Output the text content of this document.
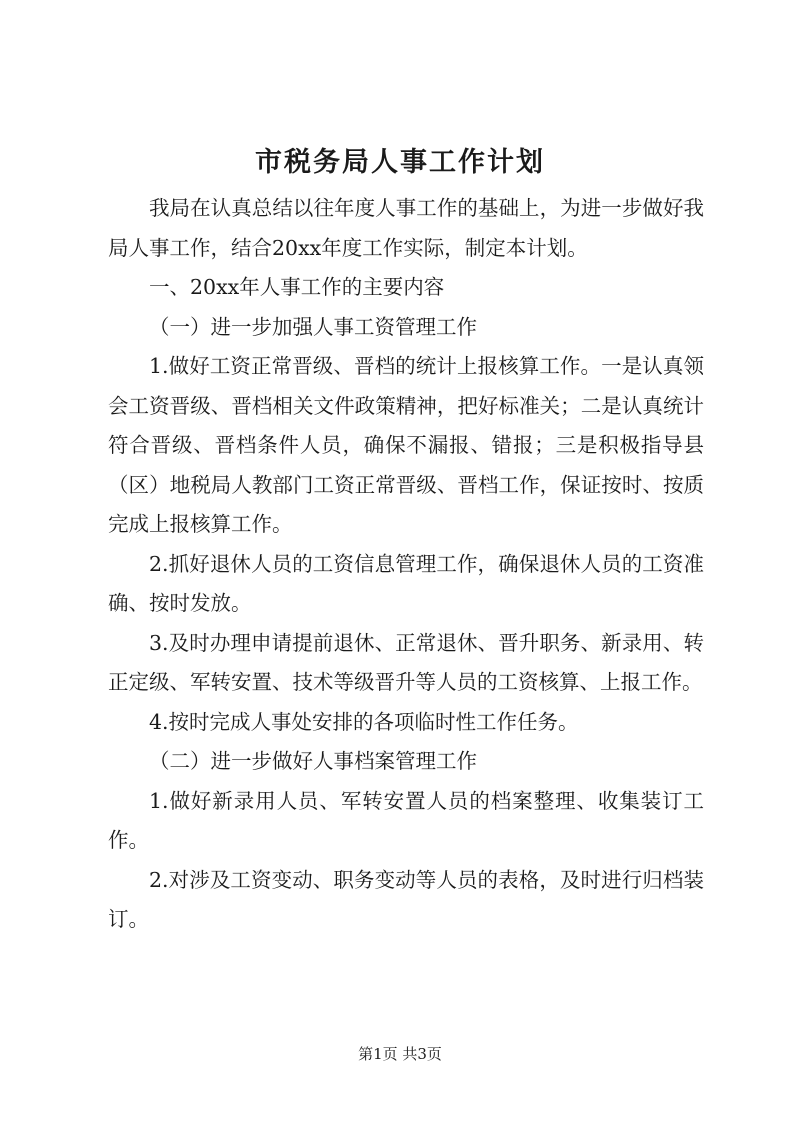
市税务局人事工作计划

我局在认真总结以往年度人事工作的基础上，为进一步做好我局人事工作，结合20xx年度工作实际，制定本计划。

一、20xx年人事工作的主要内容

（一）进一步加强人事工资管理工作

1.做好工资正常晋级、晋档的统计上报核算工作。一是认真领会工资晋级、晋档相关文件政策精神，把好标准关；二是认真统计符合晋级、晋档条件人员，确保不漏报、错报；三是积极指导县（区）地税局人教部门工资正常晋级、晋档工作，保证按时、按质完成上报核算工作。

2.抓好退休人员的工资信息管理工作，确保退休人员的工资准确、按时发放。

3.及时办理申请提前退休、正常退休、晋升职务、新录用、转正定级、军转安置、技术等级晋升等人员的工资核算、上报工作。

4.按时完成人事处安排的各项临时性工作任务。

（二）进一步做好人事档案管理工作

1.做好新录用人员、军转安置人员的档案整理、收集装订工作。

2.对涉及工资变动、职务变动等人员的表格，及时进行归档装订。

第1页 共3页
